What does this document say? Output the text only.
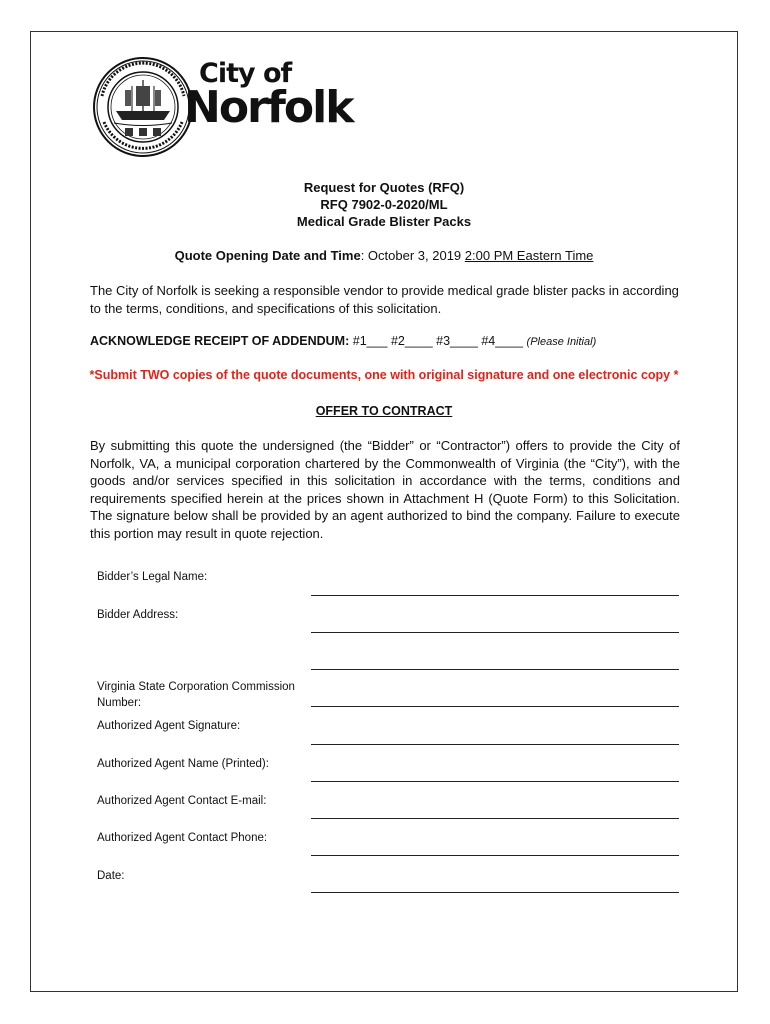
City of
Norfolk
Request for Quotes (RFQ)
RFQ 7902-0-2020/ML
Medical Grade Blister Packs
Quote Opening Date and Time: October 3, 2019 2:00 PM Eastern Time
The City of Norfolk is seeking a responsible vendor to provide medical grade blister packs in according to the terms, conditions, and specifications of this solicitation.
ACKNOWLEDGE RECEIPT OF ADDENDUM: #1___ #2____ #3____ #4____ (Please Initial)
*Submit TWO copies of the quote documents, one with original signature and one electronic copy *
OFFER TO CONTRACT
By submitting this quote the undersigned (the “Bidder” or “Contractor”) offers to provide the City of Norfolk, VA, a municipal corporation chartered by the Commonwealth of Virginia (the “City”), with the goods and/or services specified in this solicitation in accordance with the terms, conditions and requirements specified herein at the prices shown in Attachment H (Quote Form) to this Solicitation. The signature below shall be provided by an agent authorized to bind the company. Failure to execute this portion may result in quote rejection.
Bidder’s Legal Name:
Bidder Address:
Virginia State Corporation Commission Number:
Authorized Agent Signature:
Authorized Agent Name (Printed):
Authorized Agent Contact E-mail:
Authorized Agent Contact Phone:
Date:
